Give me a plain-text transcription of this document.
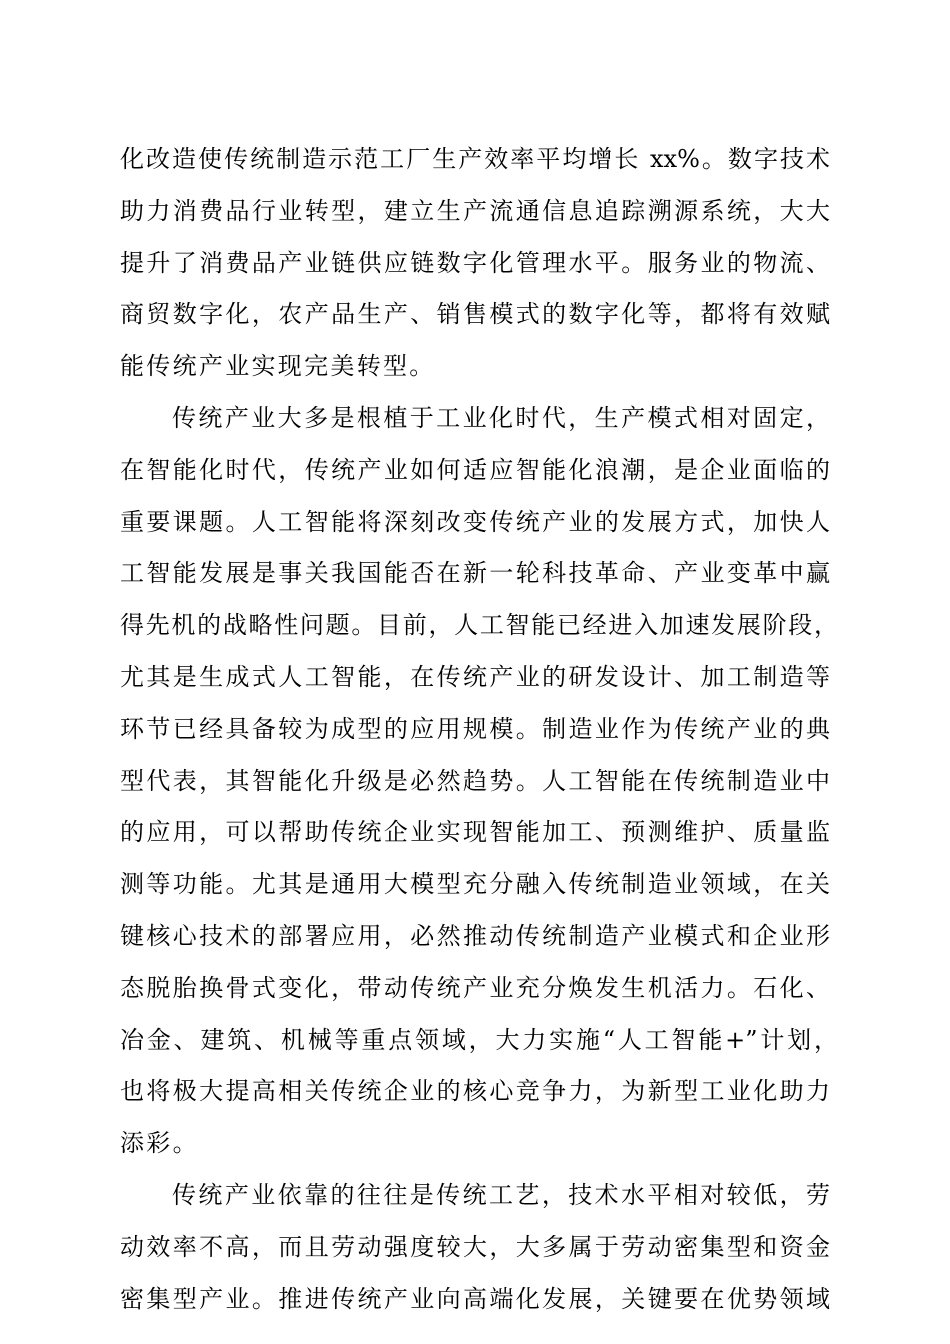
化改造使传统制造示范工厂生产效率平均增长 xx%。数字技术
助力消费品行业转型，建立生产流通信息追踪溯源系统，大大
提升了消费品产业链供应链数字化管理水平。服务业的物流、
商贸数字化，农产品生产、销售模式的数字化等，都将有效赋
能传统产业实现完美转型。
传统产业大多是根植于工业化时代，生产模式相对固定，
在智能化时代，传统产业如何适应智能化浪潮，是企业面临的
重要课题。人工智能将深刻改变传统产业的发展方式，加快人
工智能发展是事关我国能否在新一轮科技革命、产业变革中赢
得先机的战略性问题。目前，人工智能已经进入加速发展阶段，
尤其是生成式人工智能，在传统产业的研发设计、加工制造等
环节已经具备较为成型的应用规模。制造业作为传统产业的典
型代表，其智能化升级是必然趋势。人工智能在传统制造业中
的应用，可以帮助传统企业实现智能加工、预测维护、质量监
测等功能。尤其是通用大模型充分融入传统制造业领域，在关
键核心技术的部署应用，必然推动传统制造产业模式和企业形
态脱胎换骨式变化，带动传统产业充分焕发生机活力。石化、
冶金、建筑、机械等重点领域，大力实施“人工智能+”计划，
也将极大提高相关传统企业的核心竞争力，为新型工业化助力
添彩。
传统产业依靠的往往是传统工艺，技术水平相对较低，劳
动效率不高，而且劳动强度较大，大多属于劳动密集型和资金
密集型产业。推进传统产业向高端化发展，关键要在优势领域
